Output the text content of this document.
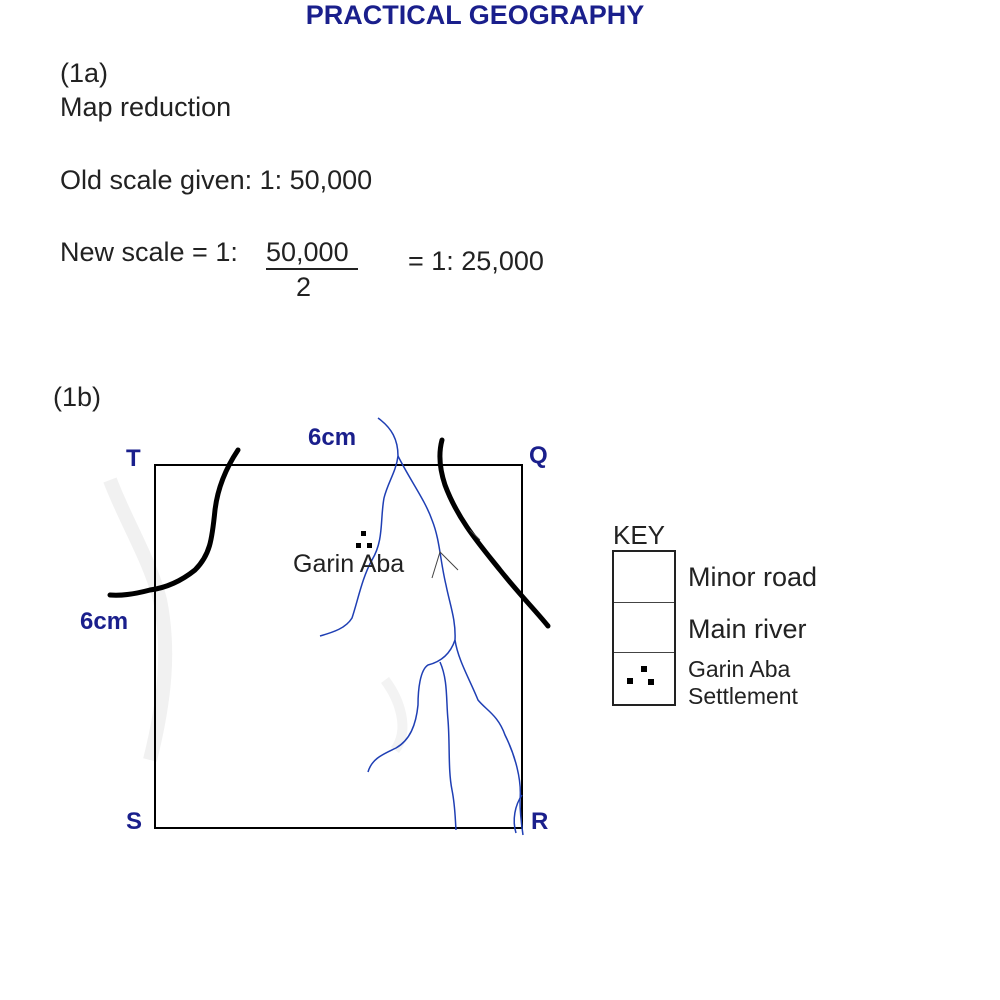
PRACTICAL GEOGRAPHY
(1a)
Map reduction
Old scale given: 1: 50,000
New scale = 1: 50,000
2
= 1: 25,000
(1b)
T	Q
S	R
6cm
6cm
Garin Aba
KEY
Minor road
Main river
Garin Aba
Settlement
